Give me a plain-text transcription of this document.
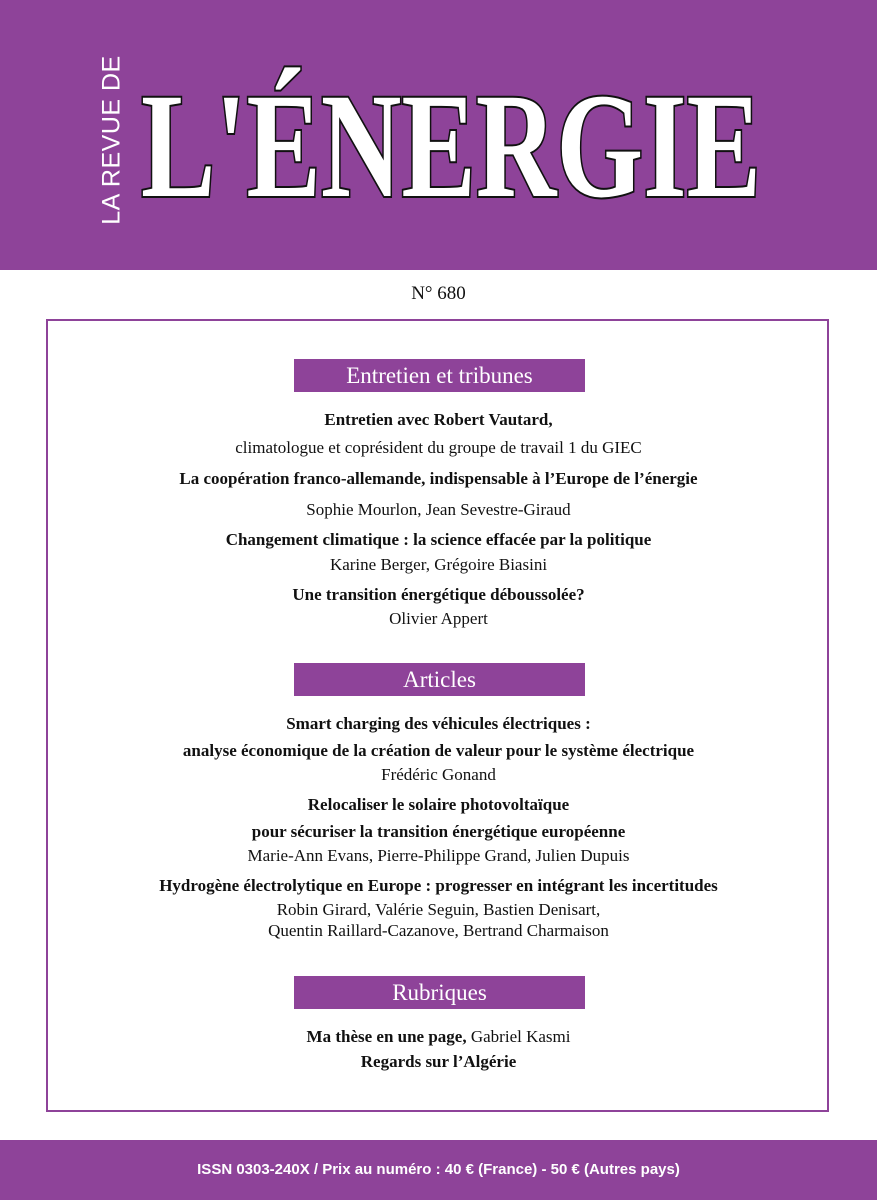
LA REVUE DE L'ÉNERGIE
N° 680
Entretien et tribunes
Entretien avec Robert Vautard,
climatologue et coprésident du groupe de travail 1 du GIEC
La coopération franco-allemande, indispensable à l’Europe de l’énergie
Sophie Mourlon, Jean Sevestre-Giraud
Changement climatique : la science effacée par la politique
Karine Berger, Grégoire Biasini
Une transition énergétique déboussolée?
Olivier Appert
Articles
Smart charging des véhicules électriques :
analyse économique de la création de valeur pour le système électrique
Frédéric Gonand
Relocaliser le solaire photovoltaïque
pour sécuriser la transition énergétique européenne
Marie-Ann Evans, Pierre-Philippe Grand, Julien Dupuis
Hydrogène électrolytique en Europe : progresser en intégrant les incertitudes
Robin Girard, Valérie Seguin, Bastien Denisart,
Quentin Raillard-Cazanove, Bertrand Charmaison
Rubriques
Ma thèse en une page, Gabriel Kasmi
Regards sur l’Algérie
ISSN 0303-240X / Prix au numéro : 40 € (France) - 50 € (Autres pays)
